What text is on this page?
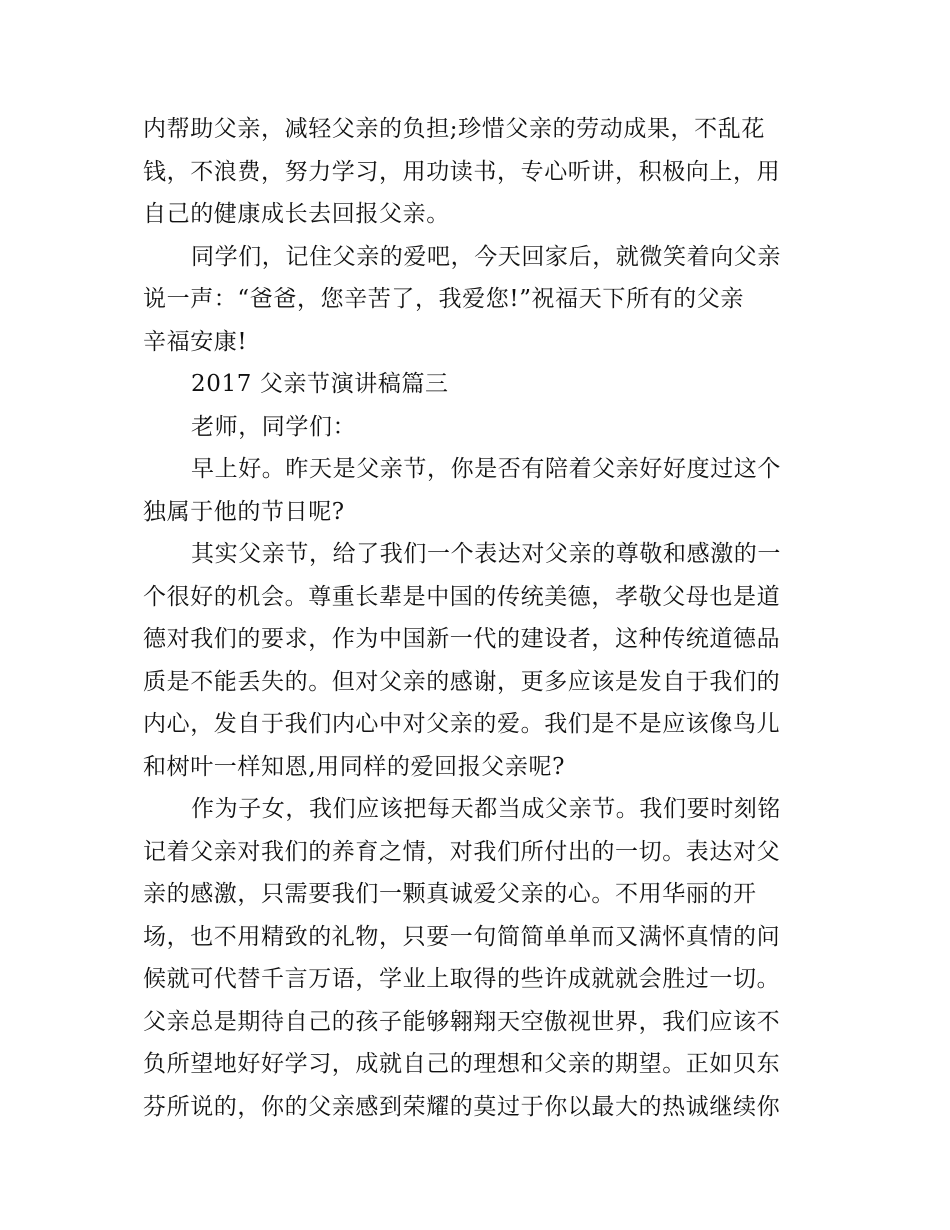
内帮助父亲，减轻父亲的负担;珍惜父亲的劳动成果，不乱花
钱，不浪费，努力学习，用功读书，专心听讲，积极向上，用
自己的健康成长去回报父亲。
同学们，记住父亲的爱吧，今天回家后，就微笑着向父亲
说一声：“爸爸，您辛苦了，我爱您!”祝福天下所有的父亲
辛福安康!
2017 父亲节演讲稿篇三
老师，同学们：
早上好。昨天是父亲节，你是否有陪着父亲好好度过这个
独属于他的节日呢?
其实父亲节，给了我们一个表达对父亲的尊敬和感激的一
个很好的机会。尊重长辈是中国的传统美德，孝敬父母也是道
德对我们的要求，作为中国新一代的建设者，这种传统道德品
质是不能丢失的。但对父亲的感谢，更多应该是发自于我们的
内心，发自于我们内心中对父亲的爱。我们是不是应该像鸟儿
和树叶一样知恩,用同样的爱回报父亲呢?
作为子女，我们应该把每天都当成父亲节。我们要时刻铭
记着父亲对我们的养育之情，对我们所付出的一切。表达对父
亲的感激，只需要我们一颗真诚爱父亲的心。不用华丽的开
场，也不用精致的礼物，只要一句简简单单而又满怀真情的问
候就可代替千言万语，学业上取得的些许成就就会胜过一切。
父亲总是期待自己的孩子能够翱翔天空傲视世界，我们应该不
负所望地好好学习，成就自己的理想和父亲的期望。正如贝东
芬所说的，你的父亲感到荣耀的莫过于你以最大的热诚继续你
